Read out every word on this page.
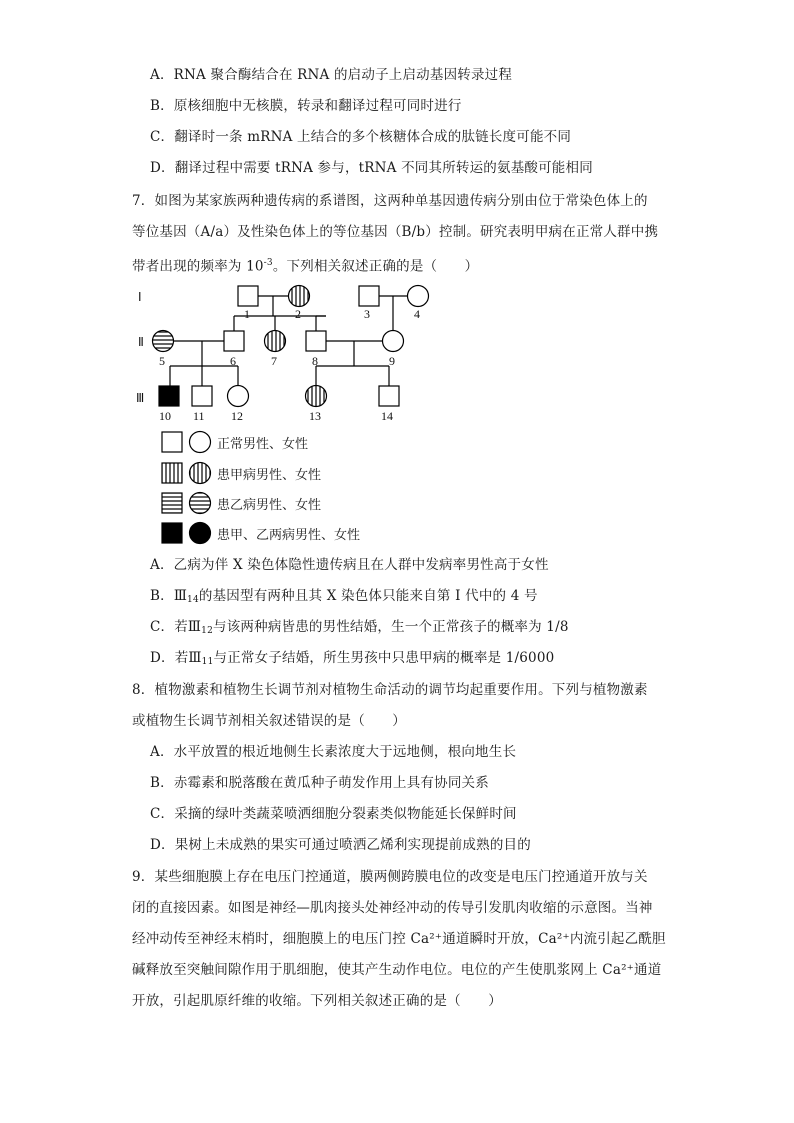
A．RNA 聚合酶结合在 RNA 的启动子上启动基因转录过程
B．原核细胞中无核膜，转录和翻译过程可同时进行
C．翻译时一条 mRNA 上结合的多个核糖体合成的肽链长度可能不同
D．翻译过程中需要 tRNA 参与，tRNA 不同其所转运的氨基酸可能相同
7．如图为某家族两种遗传病的系谱图，这两种单基因遗传病分别由位于常染色体上的
等位基因（A/a）及性染色体上的等位基因（B/b）控制。研究表明甲病在正常人群中携
带者出现的频率为 $10^{-3}$。下列相关叙述正确的是（　　）
Ⅰ
Ⅱ
Ⅲ
1	2	3	4
5	6	7	8	9
10 11 12	13	14
正常男性、女性
患甲病男性、女性
患乙病男性、女性
患甲、乙两病男性、女性
A．乙病为伴 X 染色体隐性遗传病且在人群中发病率男性高于女性
B．$Ⅲ_{14}$的基因型有两种且其 X 染色体只能来自第 I 代中的 4 号
C．若$Ⅲ_{12}$与该两种病皆患的男性结婚，生一个正常孩子的概率为 1/8
D．若$Ⅲ_{11}$与正常女子结婚，所生男孩中只患甲病的概率是 1/6000
8．植物激素和植物生长调节剂对植物生命活动的调节均起重要作用。下列与植物激素
或植物生长调节剂相关叙述错误的是（　　）
A．水平放置的根近地侧生长素浓度大于远地侧，根向地生长
B．赤霉素和脱落酸在黄瓜种子萌发作用上具有协同关系
C．采摘的绿叶类蔬菜喷洒细胞分裂素类似物能延长保鲜时间
D．果树上未成熟的果实可通过喷洒乙烯利实现提前成熟的目的
9．某些细胞膜上存在电压门控通道，膜两侧跨膜电位的改变是电压门控通道开放与关
闭的直接因素。如图是神经—肌肉接头处神经冲动的传导引发肌肉收缩的示意图。当神
经冲动传至神经末梢时，细胞膜上的电压门控 Ca²⁺通道瞬时开放，Ca²⁺内流引起乙酰胆
碱释放至突触间隙作用于肌细胞，使其产生动作电位。电位的产生使肌浆网上 Ca²⁺通道
开放，引起肌原纤维的收缩。下列相关叙述正确的是（　　）
